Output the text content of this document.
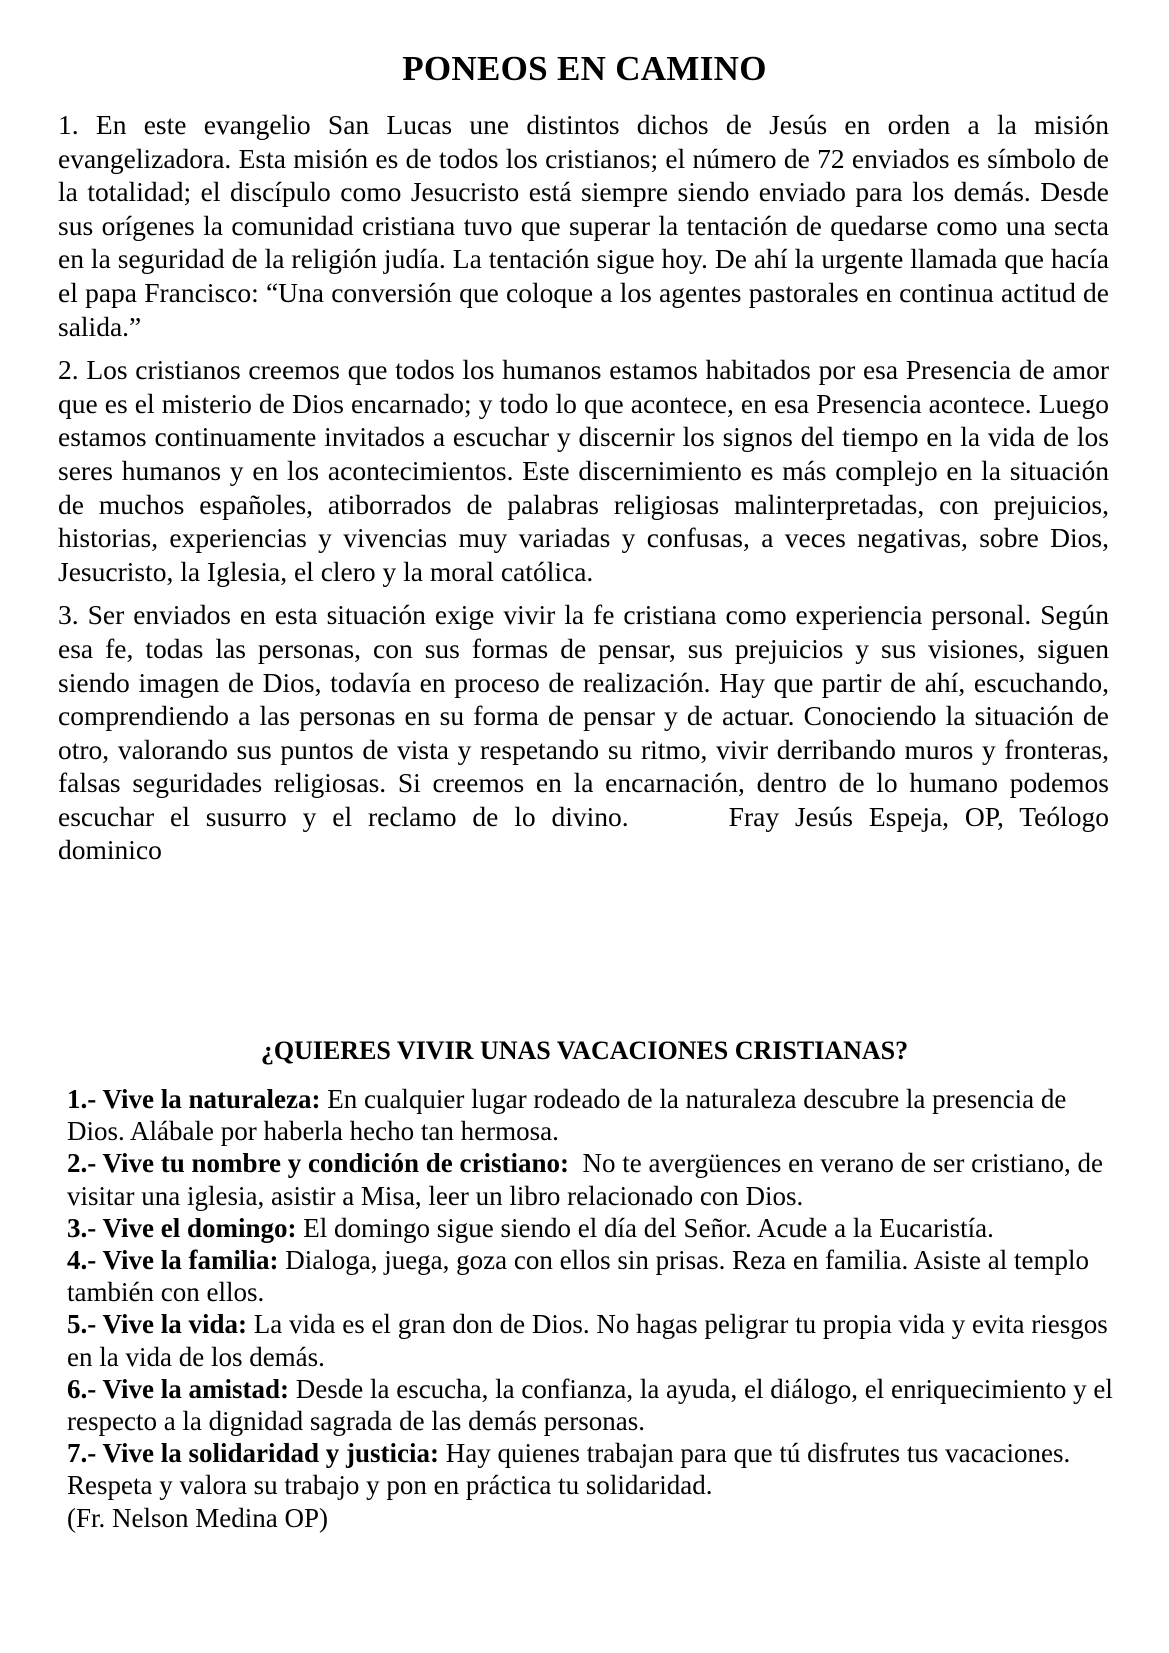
PONEOS EN CAMINO

1. En este evangelio San Lucas une distintos dichos de Jesús en orden a la misión evangelizadora. Esta misión es de todos los cristianos; el número de 72 enviados es símbolo de la totalidad; el discípulo como Jesucristo está siempre siendo enviado para los demás. Desde sus orígenes la comunidad cristiana tuvo que superar la tentación de quedarse como una secta en la seguridad de la religión judía. La tentación sigue hoy. De ahí la urgente llamada que hacía el papa Francisco: “Una conversión que coloque a los agentes pastorales en continua actitud de salida.”

2. Los cristianos creemos que todos los humanos estamos habitados por esa Presencia de amor que es el misterio de Dios encarnado; y todo lo que acontece, en esa Presencia acontece. Luego estamos continuamente invitados a escuchar y discernir los signos del tiempo en la vida de los seres humanos y en los acontecimientos. Este discernimiento es más complejo en la situación de muchos españoles, atiborrados de palabras religiosas malinterpretadas, con prejuicios, historias, experiencias y vivencias muy variadas y confusas, a veces negativas, sobre Dios, Jesucristo, la Iglesia, el clero y la moral católica.

3. Ser enviados en esta situación exige vivir la fe cristiana como experiencia personal. Según esa fe, todas las personas, con sus formas de pensar, sus prejuicios y sus visiones, siguen siendo imagen de Dios, todavía en proceso de realización. Hay que partir de ahí, escuchando, comprendiendo a las personas en su forma de pensar y de actuar. Conociendo la situación de otro, valorando sus puntos de vista y respetando su ritmo, vivir derribando muros y fronteras, falsas seguridades religiosas. Si creemos en la encarnación, dentro de lo humano podemos escuchar el susurro y el reclamo de lo divino.	Fray Jesús Espeja, OP, Teólogo dominico

¿QUIERES VIVIR UNAS VACACIONES CRISTIANAS?

1.- Vive la naturaleza: En cualquier lugar rodeado de la naturaleza descubre la presencia de Dios. Alábale por haberla hecho tan hermosa.

2.- Vive tu nombre y condición de cristiano:  No te avergüences en verano de ser cristiano, de visitar una iglesia, asistir a Misa, leer un libro relacionado con Dios.

3.- Vive el domingo: El domingo sigue siendo el día del Señor. Acude a la Eucaristía.

4.- Vive la familia: Dialoga, juega, goza con ellos sin prisas. Reza en familia. Asiste al templo también con ellos.

5.- Vive la vida: La vida es el gran don de Dios. No hagas peligrar tu propia vida y evita riesgos en la vida de los demás.

6.- Vive la amistad: Desde la escucha, la confianza, la ayuda, el diálogo, el enriquecimiento y el respecto a la dignidad sagrada de las demás personas.

7.- Vive la solidaridad y justicia: Hay quienes trabajan para que tú disfrutes tus vacaciones. Respeta y valora su trabajo y pon en práctica tu solidaridad.

(Fr. Nelson Medina OP)
